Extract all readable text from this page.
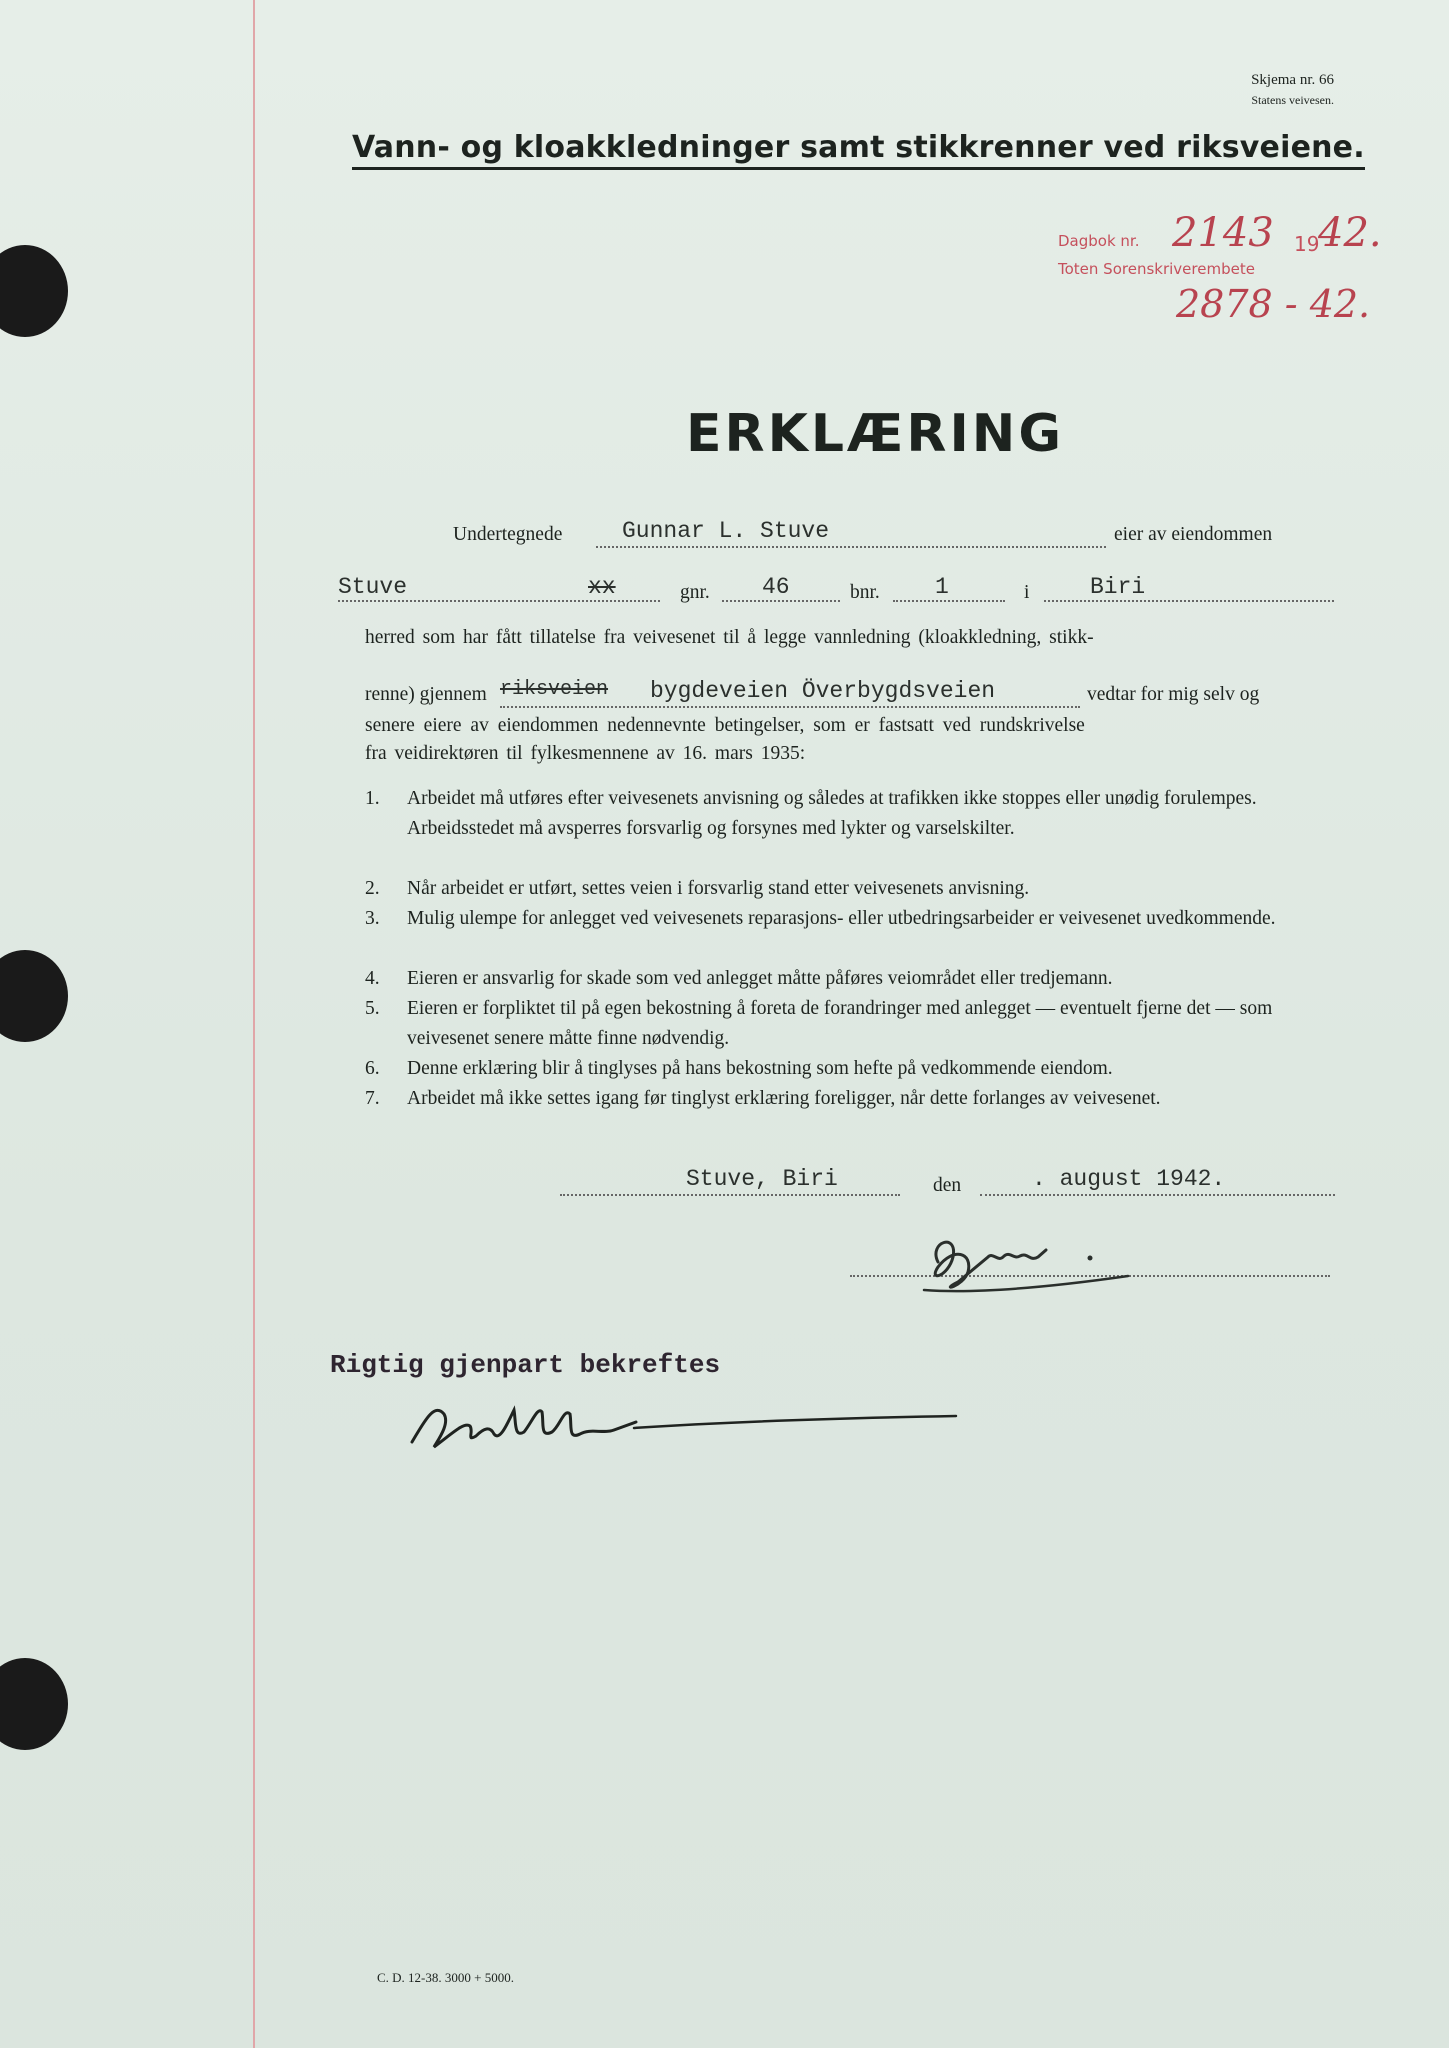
Skjema nr. 66
Statens veivesen.
Vann- og kloakkledninger samt stikkrenner ved riksveiene.
Dagbok nr. 2143 19
42.
Toten Sorenskriverembete
2878 - 42.
ERKLÆRING
Undertegnede	Gunnar L. Stuve	eier av eiendommen
Stuve	xx	gnr. 46	bnr. 1	i	Biri
herred som har fått tillatelse fra veivesenet til å legge vannledning (kloakkledning, stikk-
renne) gjennem riksveien bygdeveien Överbygdsveien	vedtar for mig selv og
senere eiere av eiendommen nedennevnte betingelser, som er fastsatt ved rundskrivelse
fra veidirektøren til fylkesmennene av 16. mars 1935:
1. Arbeidet må utføres efter veivesenets anvisning og således at trafikken ikke stoppes eller unødig forulempes. Arbeidsstedet må avsperres forsvarlig og forsynes med lykter og varselskilter.
2. Når arbeidet er utført, settes veien i forsvarlig stand etter veivesenets anvisning.
3. Mulig ulempe for anlegget ved veivesenets reparasjons- eller utbedringsarbeider er veivesenet uvedkommende.
4. Eieren er ansvarlig for skade som ved anlegget måtte påføres veiområdet eller tredjemann.
5. Eieren er forpliktet til på egen bekostning å foreta de forandringer med anlegget — eventuelt fjerne det — som veivesenet senere måtte finne nødvendig.
6. Denne erklæring blir å tinglyses på hans bekostning som hefte på vedkommende eiendom.
7. Arbeidet må ikke settes igang før tinglyst erklæring foreligger, når dette forlanges av veivesenet.
Stuve, Biri	den	. august 1942.
Rigtig gjenpart bekreftes
C. D. 12-38. 3000 + 5000.
